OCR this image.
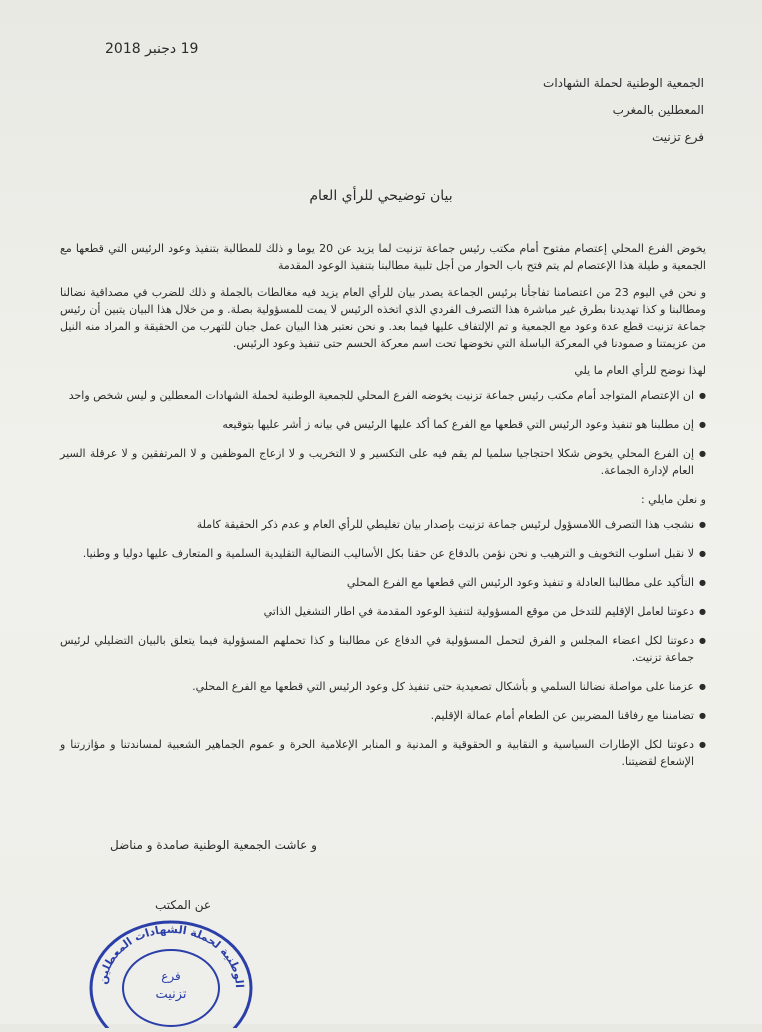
19 دجنبر 2018
الجمعية الوطنية لحملة الشهادات
المعطلين بالمغرب
فرع تزنيت
بيان توضيحي للرأي العام

يخوض الفرع المحلي إعتصام مفتوح أمام مكتب رئيس جماعة تزنيت لما يزيد عن 20 يوما و ذلك للمطالبة بتنفيذ وعود الرئيس التي قطعها مع الجمعية و طيلة هذا الإعتصام لم يتم فتح باب الحوار من أجل تلبية مطالبنا بتنفيذ الوعود المقدمة

و نحن في اليوم 23 من اعتصامنا تفاجأنا برئيس الجماعة يصدر بيان للرأي العام يزيد فيه مغالطات بالجملة و ذلك للضرب في مصداقية نضالنا ومطالبنا و كذا تهديدنا بطرق غير مباشرة هذا التصرف الفردي الذي اتخذه الرئيس لا يمت للمسؤولية بصلة. و من خلال هذا البيان يتبين أن رئيس جماعة تزنيت قطع عدة وعود مع الجمعية و تم الإلتفاف عليها فيما بعد. و نحن نعتبر هذا البيان عمل جبان للتهرب من الحقيقة و المراد منه النيل من عزيمتنا و صمودنا في المعركة الباسلة التي نخوضها تحت اسم معركة الحسم حتى تنفيذ وعود الرئيس.

لهذا نوضح للرأي العام ما يلي
● ان الإعتصام المتواجد أمام مكتب رئيس جماعة تزنيت يخوضه الفرع المحلي للجمعية الوطنية لحملة الشهادات المعطلين و ليس شخص واحد
● إن مطلبنا هو تنفيذ وعود الرئيس التي قطعها مع الفرع كما أكد عليها الرئيس في بيانه ز أشر عليها بتوقيعه
● إن الفرع المحلي يخوض شكلا احتجاجيا سلميا لم يقم فيه على التكسير و لا التخريب و لا ازعاج الموظفين و لا المرتفقين و لا عرقلة السير العام لإدارة الجماعة.
و نعلن مايلي :
● نشجب هذا التصرف اللامسؤول لرئيس جماعة تزنيت بإصدار بيان تغليطي للرأي العام و عدم ذكر الحقيقة كاملة
● لا نقبل اسلوب التخويف و الترهيب و نحن نؤمن بالدفاع عن حقنا بكل الأساليب النضالية التقليدية السلمية و المتعارف عليها دوليا و وطنيا.
● التأكيد على مطالبنا العادلة و تنفيذ وعود الرئيس التي قطعها مع الفرع المحلي
● دعوتنا لعامل الإقليم للتدخل من موقع المسؤولية لتنفيذ الوعود المقدمة في اطار التشغيل الذاتي
● دعوتنا لكل اعضاء المجلس و الفرق لتحمل المسؤولية في الدفاع عن مطالبنا و كذا تحملهم المسؤولية فيما يتعلق بالبيان التضليلي لرئيس جماعة تزنيت.
● عزمنا على مواصلة نضالنا السلمي و بأشكال تصعيدية حتى تنفيذ كل وعود الرئيس التي قطعها مع الفرع المحلي.
● تضامننا مع رفاقنا المضربين عن الطعام أمام عمالة الإقليم.
● دعوتنا لكل الإطارات السياسية و النقابية و الحقوقية و المدنية و المنابر الإعلامية الحرة و عموم الجماهير الشعبية لمساندتنا و مؤازرتنا و الإشعاع لقضيتنا.
و عاشت الجمعية الوطنية صامدة و مناضل
عن المكتب
الوطنية لحملة الشهادات المعطلين
فرع
تزنيت
